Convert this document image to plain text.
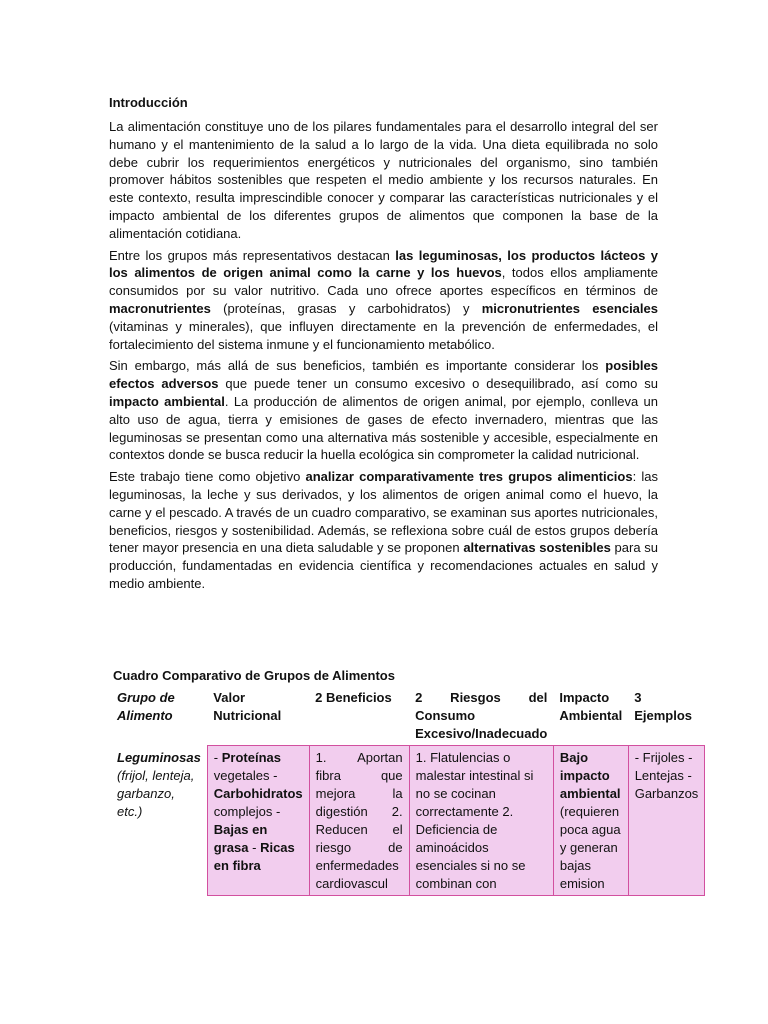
Introducción

La alimentación constituye uno de los pilares fundamentales para el desarrollo integral del ser humano y el mantenimiento de la salud a lo largo de la vida. Una dieta equilibrada no solo debe cubrir los requerimientos energéticos y nutricionales del organismo, sino también promover hábitos sostenibles que respeten el medio ambiente y los recursos naturales. En este contexto, resulta imprescindible conocer y comparar las características nutricionales y el impacto ambiental de los diferentes grupos de alimentos que componen la base de la alimentación cotidiana.

Entre los grupos más representativos destacan las leguminosas, los productos lácteos y los alimentos de origen animal como la carne y los huevos, todos ellos ampliamente consumidos por su valor nutritivo. Cada uno ofrece aportes específicos en términos de macronutrientes (proteínas, grasas y carbohidratos) y micronutrientes esenciales (vitaminas y minerales), que influyen directamente en la prevención de enfermedades, el fortalecimiento del sistema inmune y el funcionamiento metabólico.

Sin embargo, más allá de sus beneficios, también es importante considerar los posibles efectos adversos que puede tener un consumo excesivo o desequilibrado, así como su impacto ambiental. La producción de alimentos de origen animal, por ejemplo, conlleva un alto uso de agua, tierra y emisiones de gases de efecto invernadero, mientras que las leguminosas se presentan como una alternativa más sostenible y accesible, especialmente en contextos donde se busca reducir la huella ecológica sin comprometer la calidad nutricional.

Este trabajo tiene como objetivo analizar comparativamente tres grupos alimenticios: las leguminosas, la leche y sus derivados, y los alimentos de origen animal como el huevo, la carne y el pescado. A través de un cuadro comparativo, se examinan sus aportes nutricionales, beneficios, riesgos y sostenibilidad. Además, se reflexiona sobre cuál de estos grupos debería tener mayor presencia en una dieta saludable y se proponen alternativas sostenibles para su producción, fundamentadas en evidencia científica y recomendaciones actuales en salud y medio ambiente.

Cuadro Comparativo de Grupos de Alimentos
Grupo de Alimento	Valor Nutricional	2 Beneficios	2 Riesgos del Consumo Excesivo/Inadecuado	Impacto Ambiental	3 Ejemplos
Leguminosas (frijol, lenteja, garbanzo, etc.)	- Proteínas vegetales - Carbohidratos complejos - Bajas en grasa - Ricas en fibra	1. Aportan fibra que mejora la digestión 2. Reducen el riesgo de enfermedades cardiovascul	1. Flatulencias o malestar intestinal si no se cocinan correctamente 2. Deficiencia de aminoácidos esenciales si no se combinan con	Bajo impacto ambiental (requieren poca agua y generan bajas emision	- Frijoles - Lentejas - Garbanzos
